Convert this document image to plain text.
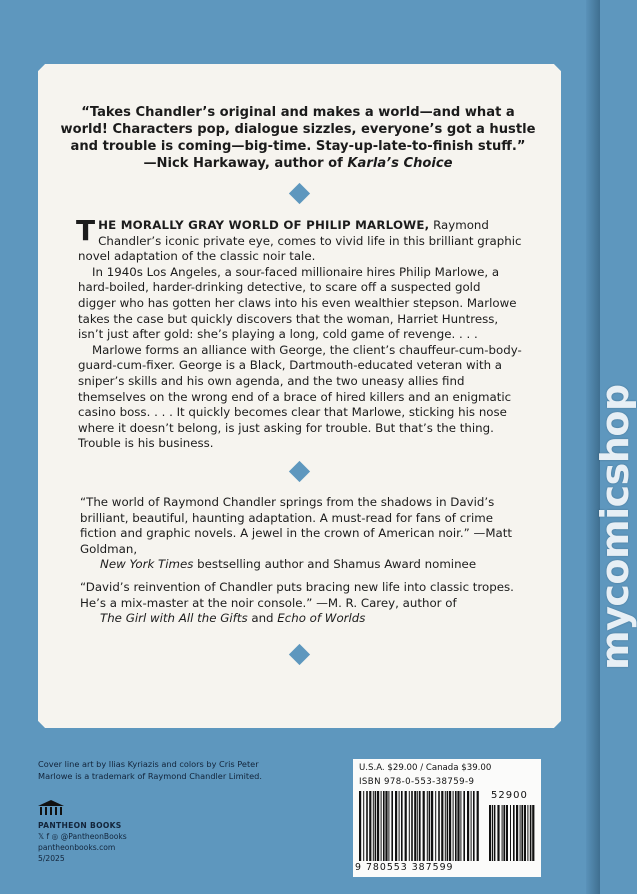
“Takes Chandler’s original and makes a world—and what a
world! Characters pop, dialogue sizzles, everyone’s got a hustle
and trouble is coming—big-time. Stay-up-late-to-finish stuff.”
—Nick Harkaway, author of Karla’s Choice

THE MORALLY GRAY WORLD OF PHILIP MARLOWE, Raymond Chandler’s iconic private eye, comes to vivid life in this brilliant graphic novel adaptation of the classic noir tale.

In 1940s Los Angeles, a sour-faced millionaire hires Philip Marlowe, a hard-boiled, harder-drinking detective, to scare off a suspected gold digger who has gotten her claws into his even wealthier stepson. Marlowe takes the case but quickly discovers that the woman, Harriet Huntress, isn’t just after gold: she’s playing a long, cold game of revenge. . . .

Marlowe forms an alliance with George, the client’s chauffeur-cum-body-guard-cum-fixer. George is a Black, Dartmouth-educated veteran with a sniper’s skills and his own agenda, and the two uneasy allies find themselves on the wrong end of a brace of hired killers and an enigmatic casino boss. . . . It quickly becomes clear that Marlowe, sticking his nose where it doesn’t belong, is just asking for trouble. But that’s the thing. Trouble is his business.

“The world of Raymond Chandler springs from the shadows in David’s brilliant, beautiful, haunting adaptation. A must-read for fans of crime fiction and graphic novels. A jewel in the crown of American noir.” —Matt Goldman,
New York Times bestselling author and Shamus Award nominee
“David’s reinvention of Chandler puts bracing new life into classic tropes. He’s a mix-master at the noir console.” —M. R. Carey, author of
The Girl with All the Gifts and Echo of Worlds
Cover line art by Ilias Kyriazis and colors by Cris Peter
Marlowe is a trademark of Raymond Chandler Limited.
PANTHEON BOOKS
𝕏 f ◎ @PantheonBooks
pantheonbooks.com
5/2025
U.S.A. $29.00 / Canada $39.00
ISBN 978-0-553-38759-9
52900
9 780553 387599
mycomicshop
